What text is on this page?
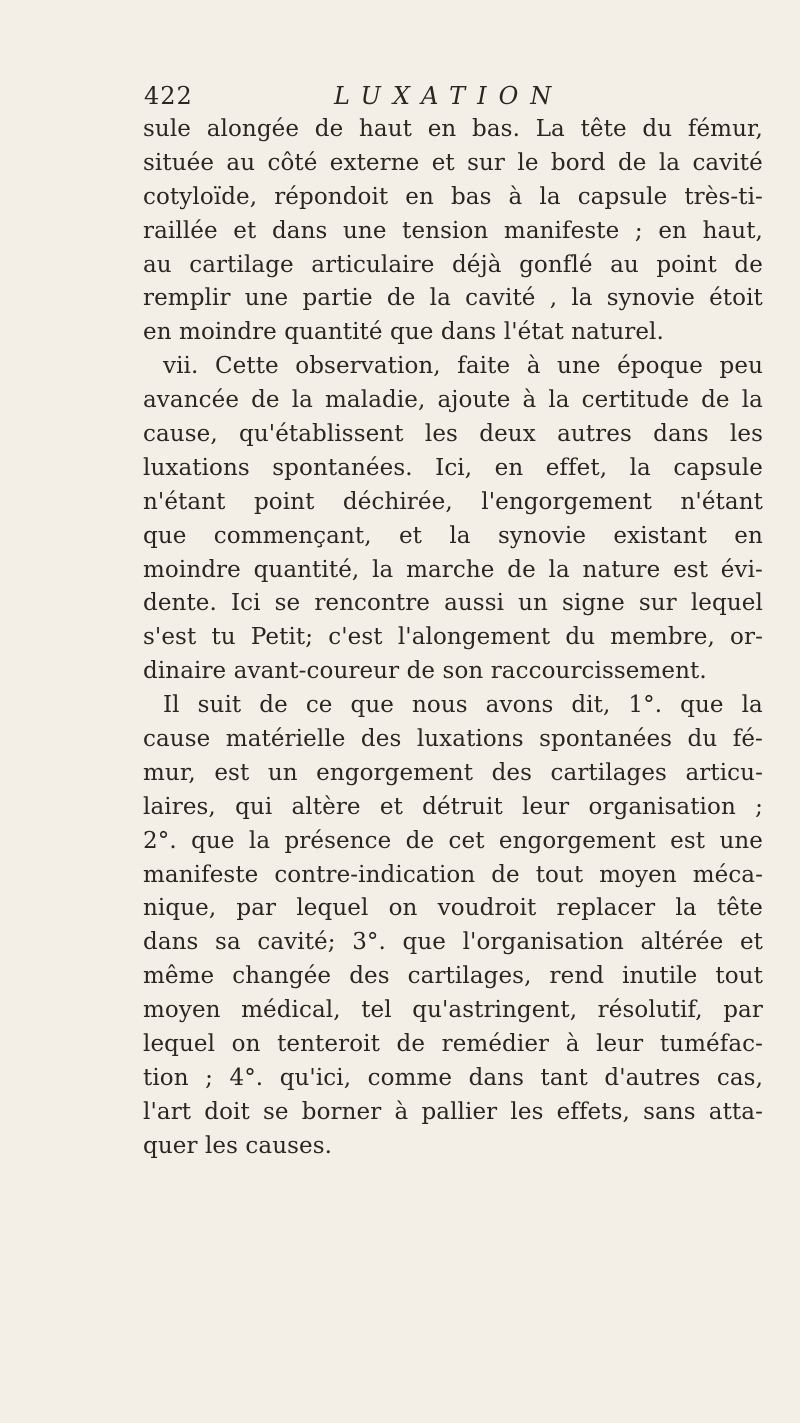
422	LUXATION
sule alongée de haut en bas. La tête du fémur,
située au côté externe et sur le bord de la cavité
cotyloïde, répondoit en bas à la capsule très-ti-
raillée et dans une tension manifeste ; en haut,
au cartilage articulaire déjà gonflé au point de
remplir une partie de la cavité , la synovie étoit
en moindre quantité que dans l'état naturel.
vii. Cette observation, faite à une époque peu
avancée de la maladie, ajoute à la certitude de la
cause, qu'établissent les deux autres dans les
luxations spontanées. Ici, en effet, la capsule
n'étant point déchirée, l'engorgement n'étant
que commençant, et la synovie existant en
moindre quantité, la marche de la nature est évi-
dente. Ici se rencontre aussi un signe sur lequel
s'est tu Petit; c'est l'alongement du membre, or-
dinaire avant-coureur de son raccourcissement.
Il suit de ce que nous avons dit, 1°. que la
cause matérielle des luxations spontanées du fé-
mur, est un engorgement des cartilages articu-
laires, qui altère et détruit leur organisation ;
2°. que la présence de cet engorgement est une
manifeste contre-indication de tout moyen méca-
nique, par lequel on voudroit replacer la tête
dans sa cavité; 3°. que l'organisation altérée et
même changée des cartilages, rend inutile tout
moyen médical, tel qu'astringent, résolutif, par
lequel on tenteroit de remédier à leur tuméfac-
tion ; 4°. qu'ici, comme dans tant d'autres cas,
l'art doit se borner à pallier les effets, sans atta-
quer les causes.
